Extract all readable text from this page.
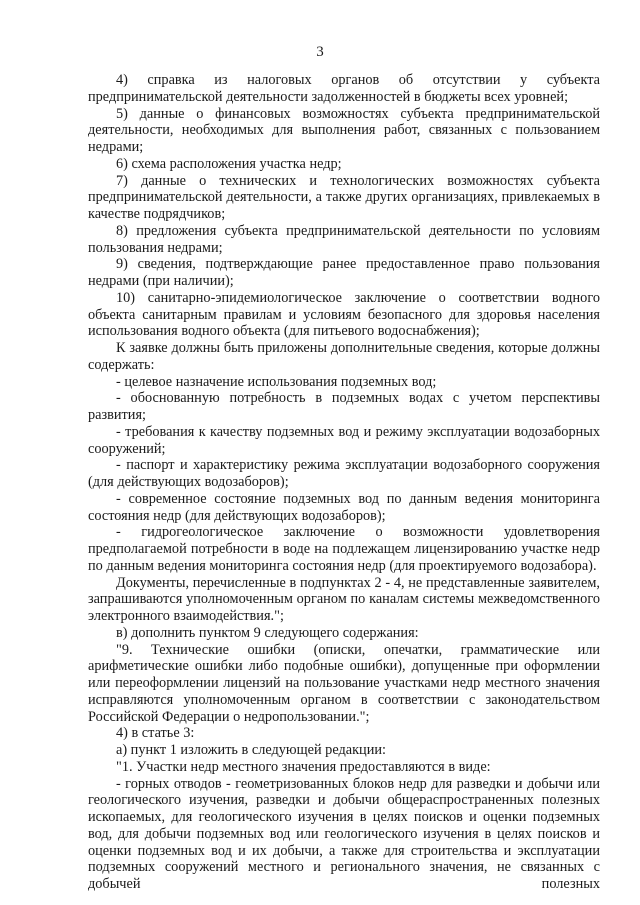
3

4) справка из налоговых органов об отсутствии у субъекта предпринимательской деятельности задолженностей в бюджеты всех уровней;

5) данные о финансовых возможностях субъекта предпринимательской деятельности, необходимых для выполнения работ, связанных с пользованием недрами;

6) схема расположения участка недр;

7) данные о технических и технологических возможностях субъекта предпринимательской деятельности, а также других организациях, привлекаемых в качестве подрядчиков;

8) предложения субъекта предпринимательской деятельности по условиям пользования недрами;

9) сведения, подтверждающие ранее предоставленное право пользования недрами (при наличии);

10) санитарно-эпидемиологическое заключение о соответствии водного объекта санитарным правилам и условиям безопасного для здоровья населения использования водного объекта (для питьевого водоснабжения);

К заявке должны быть приложены дополнительные сведения, которые должны содержать:

- целевое назначение использования подземных вод;

- обоснованную потребность в подземных водах с учетом перспективы развития;

- требования к качеству подземных вод и режиму эксплуатации водозаборных сооружений;

- паспорт и характеристику режима эксплуатации водозаборного сооружения (для действующих водозаборов);

- современное состояние подземных вод по данным ведения мониторинга состояния недр (для действующих водозаборов);

- гидрогеологическое заключение о возможности удовлетворения предполагаемой потребности в воде на подлежащем лицензированию участке недр по данным ведения мониторинга состояния недр (для проектируемого водозабора).

Документы, перечисленные в подпунктах 2 - 4, не представленные заявителем, запрашиваются уполномоченным органом по каналам системы межведомственного электронного взаимодействия.";

в) дополнить пунктом 9 следующего содержания:

"9. Технические ошибки (описки, опечатки, грамматические или арифметические ошибки либо подобные ошибки), допущенные при оформлении или переоформлении лицензий на пользование участками недр местного значения исправляются уполномоченным органом в соответствии с законодательством Российской Федерации о недропользовании.";

4) в статье 3:

а) пункт 1 изложить в следующей редакции:

"1. Участки недр местного значения предоставляются в виде:

- горных отводов - геометризованных блоков недр для разведки и добычи или геологического изучения, разведки и добычи общераспространенных полезных ископаемых, для геологического изучения в целях поисков и оценки подземных вод, для добычи подземных вод или геологического изучения в целях поисков и оценки подземных вод и их добычи, а также для строительства и эксплуатации подземных сооружений местного и регионального значения, не связанных с добычей полезных
